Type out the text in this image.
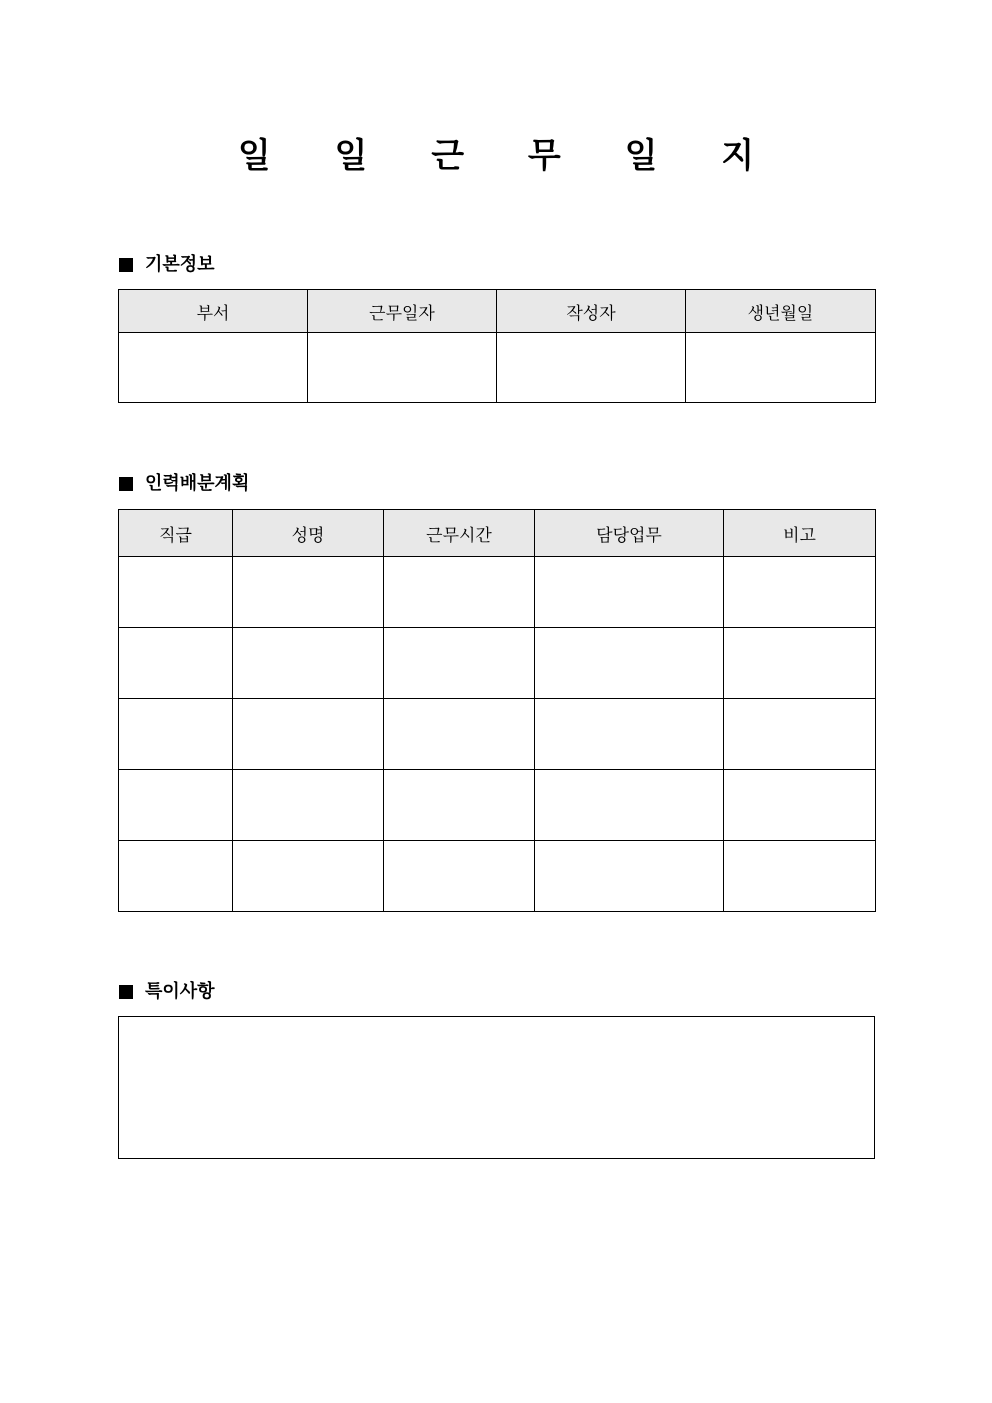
일 일 근 무 일 지
기본정보
부서	근무일자	작성자	생년월일

인력배분계획
직급	성명	근무시간	담당업무	비고

특이사항
